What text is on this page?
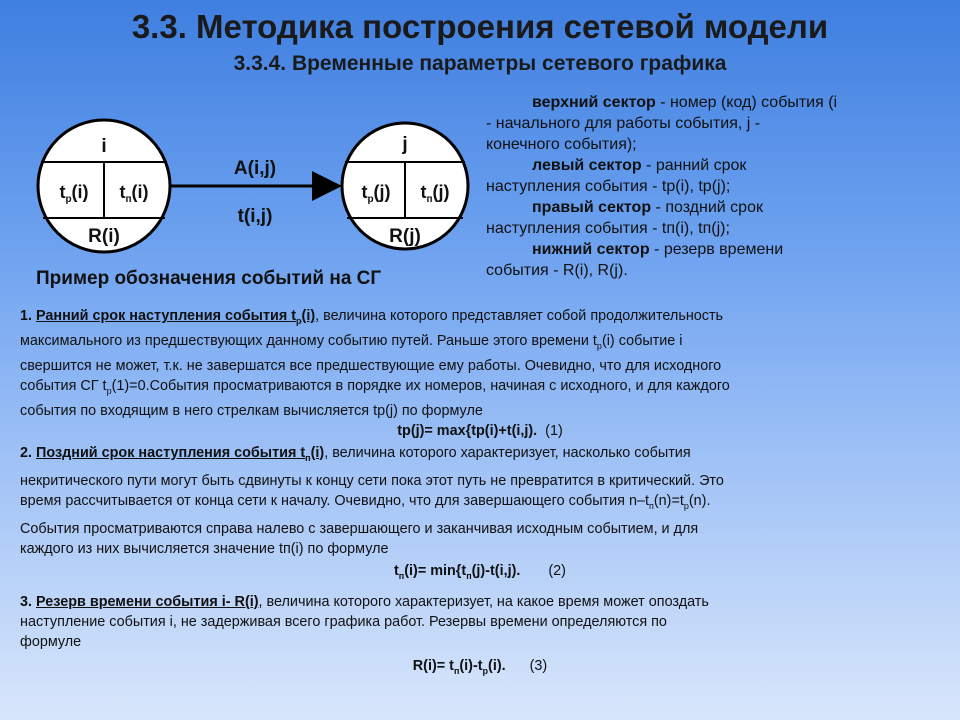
3.3. Методика построения сетевой модели
3.3.4. Временные параметры сетевого графика
i
$t_р(i)$ $t_п(i)$
R(i)
A(i,j)
t(i,j)
j
$t_р(j)$ $t_п(j)$
R(j)
Пример обозначения событий на СГ

верхний сектор - номер (код) события (i

- начального для работы события, j -

конечного события);

левый сектор - ранний срок

наступления события - tр(i), tр(j);

правый сектор - поздний срок

наступления события - tп(i), tп(j);

нижний сектор - резерв времени

события - R(i), R(j).

1. Ранний срок наступления события $t_р(i)$, величина которого представляет собой продолжительность

максимального из предшествующих данному событию путей. Раньше этого времени $t_р(i)$ событие i

свершится не может, т.к. не завершатся все предшествующие ему работы. Очевидно, что для исходного

события СГ $t_р(1)=0.События$ просматриваются в порядке их номеров, начиная с исходного, и для каждого

события по входящим в него стрелкам вычисляется tр(j) по формуле

tр(j)= max{tр(i)+t(i,j). (1)

2. Поздний срок наступления события $t_п(i)$, величина которого характеризует, насколько события

некритического пути могут быть сдвинуты к концу сети пока этот путь не превратится в критический. Это

время рассчитывается от конца сети к началу. Очевидно, что для завершающего события $n-t_п(n)=t_р(n)$.

События просматриваются справа налево с завершающего и заканчивая исходным событием, и для

каждого из них вычисляется значение tп(i) по формуле

$t_п(i)= \min\{t_п(j)-t(i,j)$. (2)

3. Резерв времени события i- R(i), величина которого характеризует, на какое время может опоздать

наступление события i, не задерживая всего графика работ. Резервы времени определяются по

формуле

$R(i)= t_п(i)-t_р(i)$. (3)
